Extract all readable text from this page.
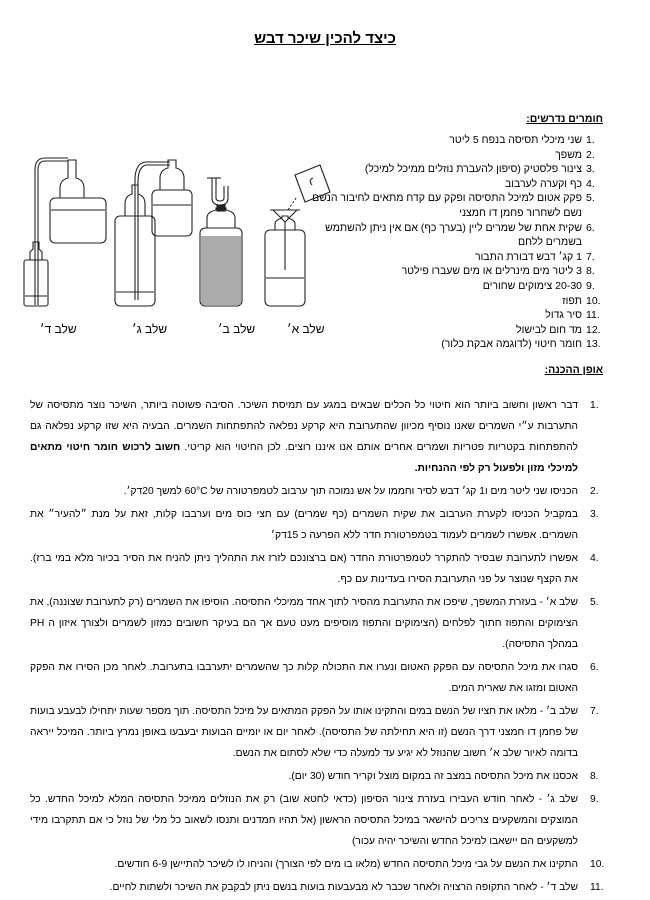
כיצד להכין שיכר דבש
חומרים נדרשים:
1.
שני מיכלי תסיסה בנפח 5 ליטר
2.
משפך
3.
צינור פלסטיק (סיפון להעברת נוזלים ממיכל למיכל)
4.
כף וקערה לערבוב
5.
פקק אטום למיכל התסיסה ופקק עם קדח מתאים לחיבור הנשם נשם לשחרור פחמן דו חמצני
6.
שקית אחת של שמרים ליין (בערך כף) אם אין ניתן להשתמש בשמרים ללחם
7.
1 קג׳ דבש דבורת התבור
8.
3 ליטר מים מינרלים או מים שעברו פילטר
9.
20-30 צימוקים שחורים
10.
תפוז
11.
סיר גדול
12.
מד חום לבישול
13.
חומר חיטוי (לדוגמה אבקת כלור)
שלב א׳
שלב ב׳
שלב ג׳
שלב ד׳
אופן ההכנה:
1.
דבר ראשון וחשוב ביותר הוא חיטוי כל הכלים שבאים במגע עם תמיסת השיכר. הסיבה פשוטה ביותר, השיכר נוצר מתסיסה של התערבות ע״י השמרים שאנו נוסיף מכיוון שהתערובת היא קרקע נפלאה להתפתחות השמרים. הבעיה היא שזו קרקע נפלאה גם להתפתחות בקטריות פטריות ושמרים אחרים אותם אנו איננו רוצים. לכן החיטוי הוא קריטי. חשוב לרכוש חומר חיטוי מתאים למיכלי מזון ולפעול רק לפי ההנחיות.
2.
הכניסו שני ליטר מים ו1 קג׳ דבש לסיר וחממו על אש נמוכה תוך ערבוב לטמפרטורה של 60°C למשך 20דק׳.
3.
במקביל הכניסו לקערת הערבוב את שקית השמרים (כף שמרים) עם חצי כוס מים וערבבו קלות, זאת על מנת ״להעיר״ את השמרים. אפשרו לשמרים לעמוד בטמפרטורת חדר ללא הפרעה כ 15דק׳
4.
אפשרו לתערובת שבסיר להתקרר לטמפרטורת החדר (אם ברצונכם לזרז את התהליך ניתן להניח את הסיר בכיור מלא במי ברז). את הקצף שנוצר על פני התערובת הסירו בעדינות עם כף.
5.
שלב א׳ - בעזרת המשפך, שיפכו את התערובת מהסיר לתוך אחד ממיכלי התסיסה. הוסיפו את השמרים (רק לתערובת שצוננה), את הצימוקים והתפוז חתוך לפלחים (הצימוקים והתפוז מוסיפים מעט טעם אך הם בעיקר חשובים כמזון לשמרים ולצורך איזון ה PH במהלך התסיסה).
6.
סגרו את מיכל התסיסה עם הפקק האטום ונערו את התכולה קלות כך שהשמרים יתערבבו בתערובת. לאחר מכן הסירו את הפקק האטום ומזגו את שארית המים.
7.
שלב ב׳ - מלאו את חציו של הנשם במים והתקינו אותו על הפקק המתאים על מיכל התסיסה. תוך מספר שעות יתחילו לבעבע בועות של פחמן דו חמצני דרך הנשם (זו היא תחילתה של התסיסה). לאחר יום או יומיים הבועות יבעבעו באופן נמרץ ביותר. המיכל ייראה בדומה לאיור שלב א׳ חשוב שהנוזל לא יגיע עד למעלה כדי שלא לסתום את הנשם.
8.
אכסנו את מיכל התסיסה במצב זה במקום מוצל וקריר חודש (30 יום).
9.
שלב ג׳ - לאחר חודש העבירו בעזרת צינור הסיפון (כדאי לחטא שוב) רק את הנוזלים ממיכל התסיסה המלא למיכל החדש. כל המוצקים והמשקעים צריכים להישאר במיכל התסיסה הראשון (אל תהיו חמדנים ותנסו לשאוב כל מלי של נוזל כי אם תתקרבו מידי למשקעים הם יישאבו למיכל החדש והשיכר יהיה עכור)
10.
התקינו את הנשם על גבי מיכל התסיסה החדש (מלאו בו מים לפי הצורך) והניחו לו לשיכר להתיישן 6-9 חודשים.
11.
שלב ד׳ - לאחר התקופה הרצויה ולאחר שכבר לא מבעבעות בועות בנשם ניתן לבקבק את השיכר ולשתות לחיים.
